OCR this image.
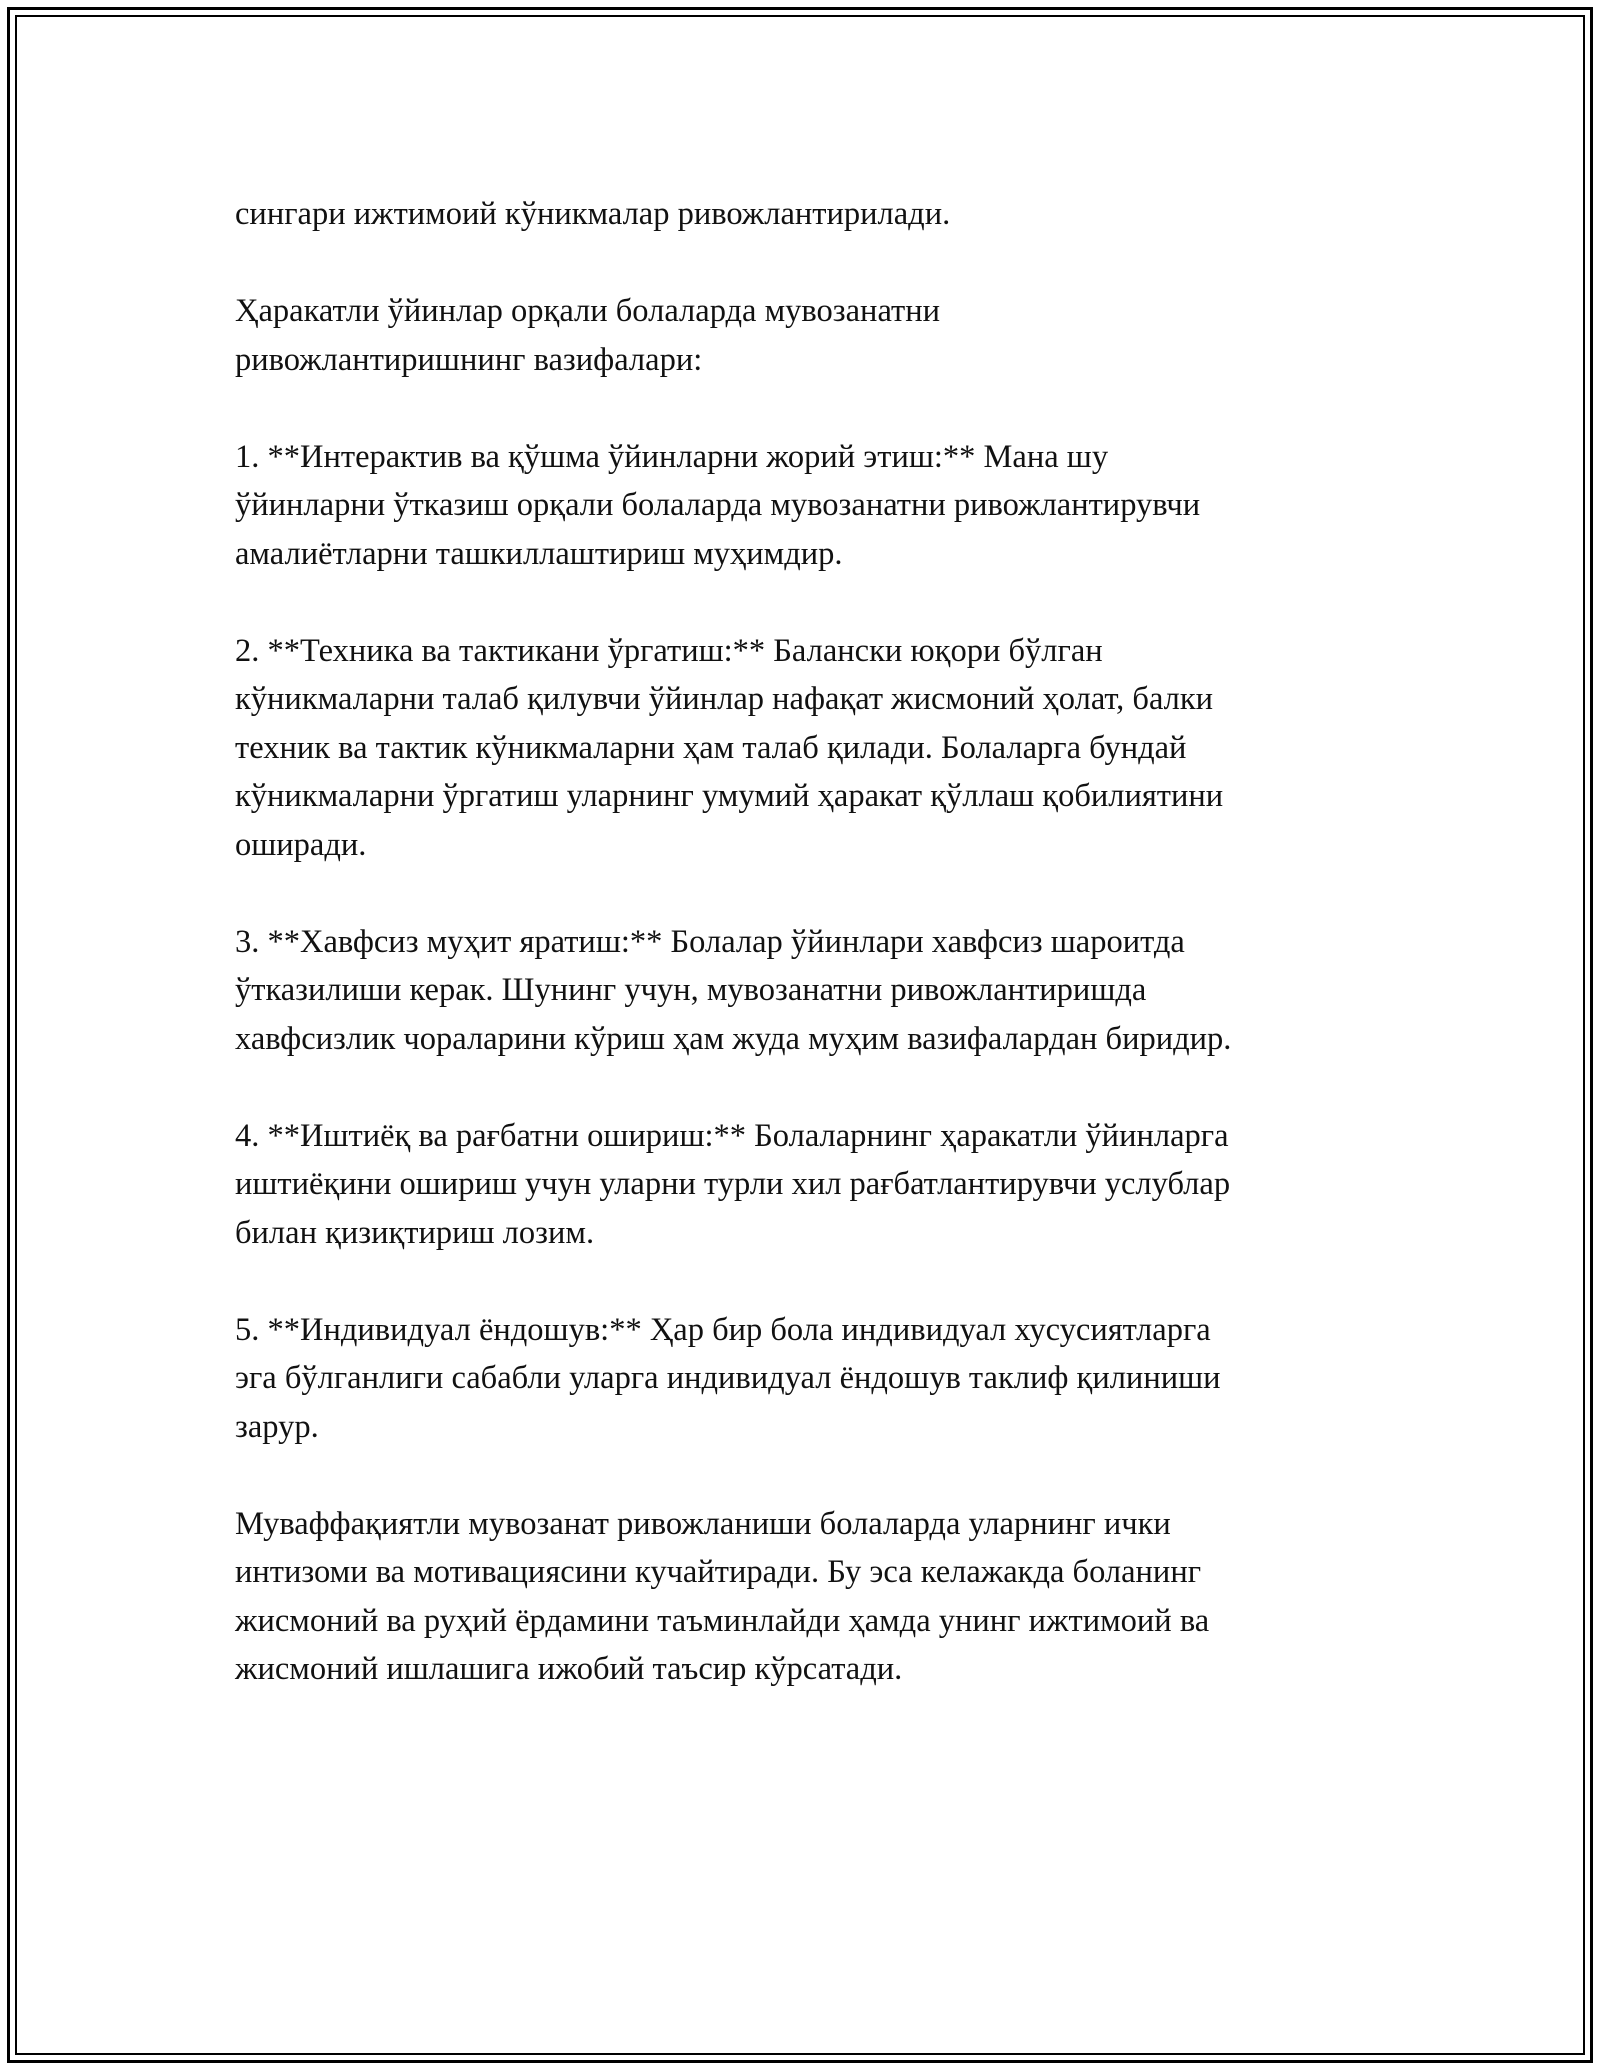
сингари ижтимоий кўникмалар ривожлантирилади.

Ҳаракатли ўйинлар орқали болаларда мувозанатни
ривожлантиришнинг вазифалари:

1. **Интерактив ва қўшма ўйинларни жорий этиш:** Мана шу
ўйинларни ўтказиш орқали болаларда мувозанатни ривожлантирувчи
амалиётларни ташкиллаштириш муҳимдир.

2. **Техника ва тактикани ўргатиш:** Балански юқори бўлган
кўникмаларни талаб қилувчи ўйинлар нафақат жисмоний ҳолат, балки
техник ва тактик кўникмаларни ҳам талаб қилади. Болаларга бундай
кўникмаларни ўргатиш уларнинг умумий ҳаракат қўллаш қобилиятини
оширади.

3. **Хавфсиз муҳит яратиш:** Болалар ўйинлари хавфсиз шароитда
ўтказилиши керак. Шунинг учун, мувозанатни ривожлантиришда
хавфсизлик чораларини кўриш ҳам жуда муҳим вазифалардан биридир.

4. **Иштиёқ ва рағбатни ошириш:** Болаларнинг ҳаракатли ўйинларга
иштиёқини ошириш учун уларни турли хил рағбатлантирувчи услублар
билан қизиқтириш лозим.

5. **Индивидуал ёндошув:** Ҳар бир бола индивидуал хусусиятларга
эга бўлганлиги сабабли уларга индивидуал ёндошув таклиф қилиниши
зарур.

Муваффақиятли мувозанат ривожланиши болаларда уларнинг ички
интизоми ва мотивациясини кучайтиради. Бу эса келажакда боланинг
жисмоний ва руҳий ёрдамини таъминлайди ҳамда унинг ижтимоий ва
жисмоний ишлашига ижобий таъсир кўрсатади.
